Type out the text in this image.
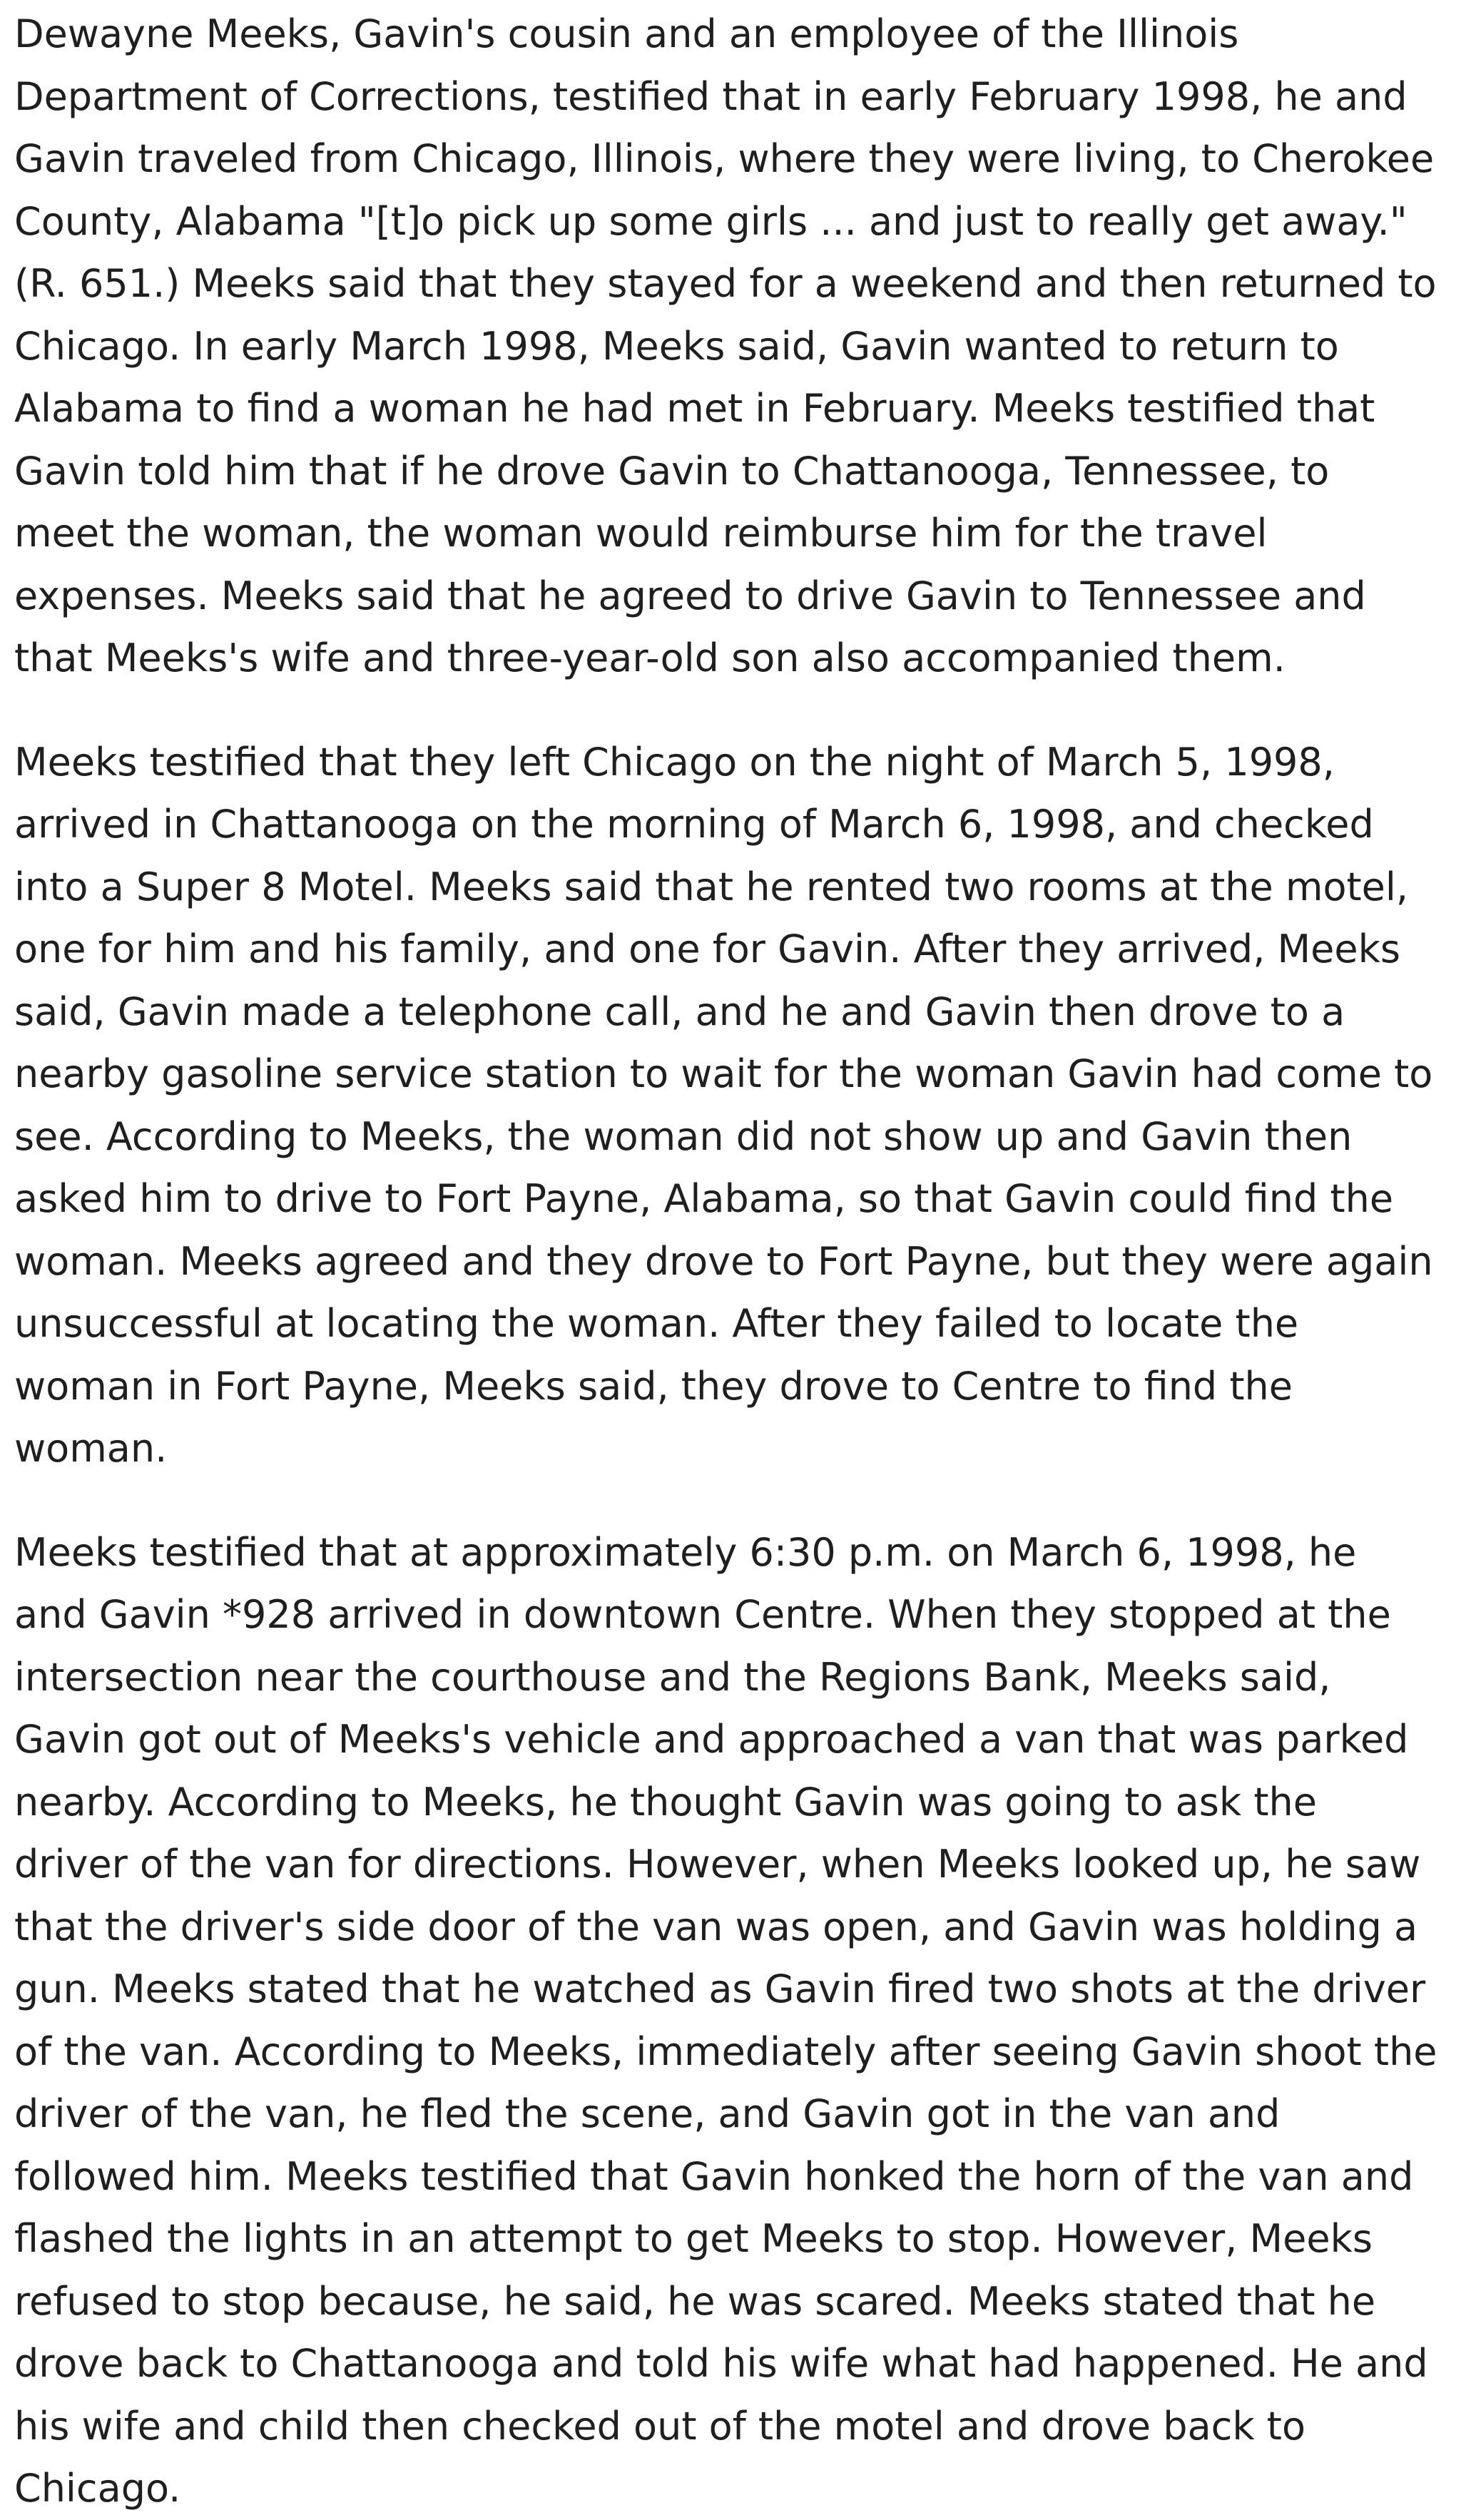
Dewayne Meeks, Gavin's cousin and an employee of the Illinois Department of Corrections, testified that in early February 1998, he and Gavin traveled from Chicago, Illinois, where they were living, to Cherokee County, Alabama "[t]o pick up some girls ... and just to really get away." (R. 651.) Meeks said that they stayed for a weekend and then returned to Chicago. In early March 1998, Meeks said, Gavin wanted to return to Alabama to find a woman he had met in February. Meeks testified that Gavin told him that if he drove Gavin to Chattanooga, Tennessee, to meet the woman, the woman would reimburse him for the travel expenses. Meeks said that he agreed to drive Gavin to Tennessee and that Meeks's wife and three-year-old son also accompanied them.

Meeks testified that they left Chicago on the night of March 5, 1998, arrived in Chattanooga on the morning of March 6, 1998, and checked into a Super 8 Motel. Meeks said that he rented two rooms at the motel, one for him and his family, and one for Gavin. After they arrived, Meeks said, Gavin made a telephone call, and he and Gavin then drove to a nearby gasoline service station to wait for the woman Gavin had come to see. According to Meeks, the woman did not show up and Gavin then asked him to drive to Fort Payne, Alabama, so that Gavin could find the woman. Meeks agreed and they drove to Fort Payne, but they were again unsuccessful at locating the woman. After they failed to locate the woman in Fort Payne, Meeks said, they drove to Centre to find the woman.

Meeks testified that at approximately 6:30 p.m. on March 6, 1998, he and Gavin *928 arrived in downtown Centre. When they stopped at the intersection near the courthouse and the Regions Bank, Meeks said, Gavin got out of Meeks's vehicle and approached a van that was parked nearby. According to Meeks, he thought Gavin was going to ask the driver of the van for directions. However, when Meeks looked up, he saw that the driver's side door of the van was open, and Gavin was holding a gun. Meeks stated that he watched as Gavin fired two shots at the driver of the van. According to Meeks, immediately after seeing Gavin shoot the driver of the van, he fled the scene, and Gavin got in the van and followed him. Meeks testified that Gavin honked the horn of the van and flashed the lights in an attempt to get Meeks to stop. However, Meeks refused to stop because, he said, he was scared. Meeks stated that he drove back to Chattanooga and told his wife what had happened. He and his wife and child then checked out of the motel and drove back to Chicago.
